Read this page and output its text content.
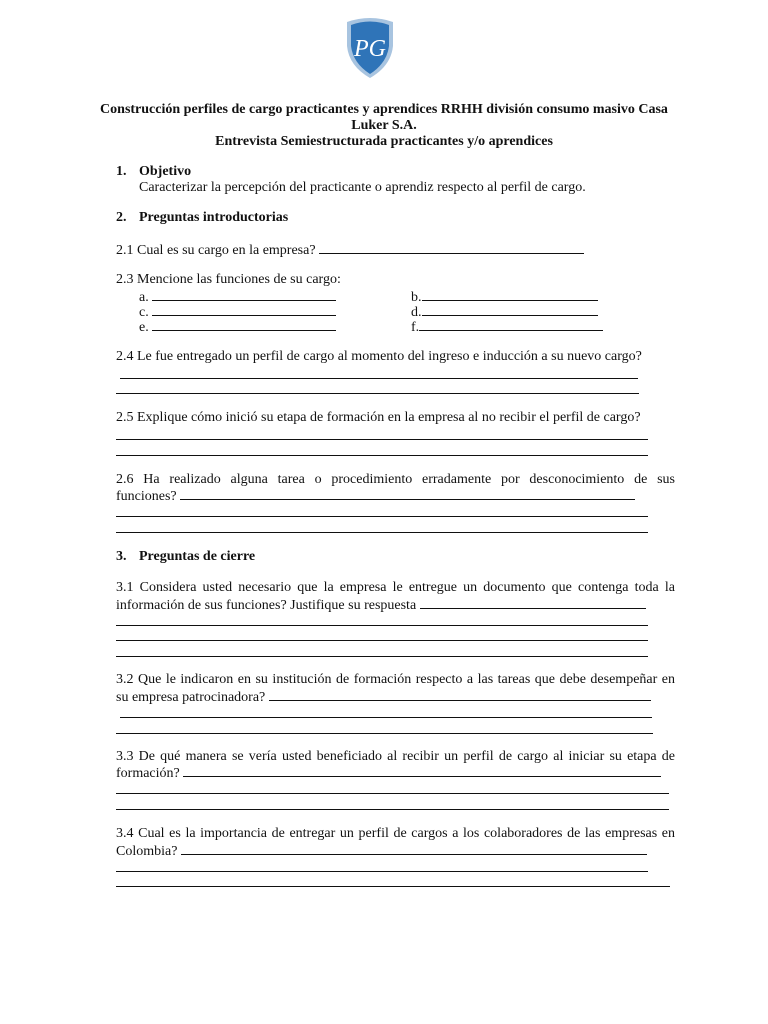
PG
Construcción perfiles de cargo practicantes y aprendices RRHH división consumo masivo Casa Luker S.A.
Entrevista Semiestructurada practicantes y/o aprendices
1. Objetivo
Caracterizar la percepción del practicante o aprendiz respecto al perfil de cargo.
2. Preguntas introductorias
2.1 Cual es su cargo en la empresa?
2.3 Mencione las funciones de su cargo:
a.	b.
c.	d.
e.	f.
2.4 Le fue entregado un perfil de cargo al momento del ingreso e inducción a su nuevo cargo?
2.5 Explique cómo inició su etapa de formación en la empresa al no recibir el perfil de cargo?
2.6 Ha realizado alguna tarea o procedimiento erradamente por desconocimiento de sus
funciones?
3. Preguntas de cierre
3.1 Considera usted necesario que la empresa le entregue un documento que contenga toda la
información de sus funciones? Justifique su respuesta
3.2 Que le indicaron en su institución de formación respecto a las tareas que debe desempeñar en
su empresa patrocinadora?
3.3 De qué manera se vería usted beneficiado al recibir un perfil de cargo al iniciar su etapa de
formación?
3.4 Cual es la importancia de entregar un perfil de cargos a los colaboradores de las empresas en
Colombia?
